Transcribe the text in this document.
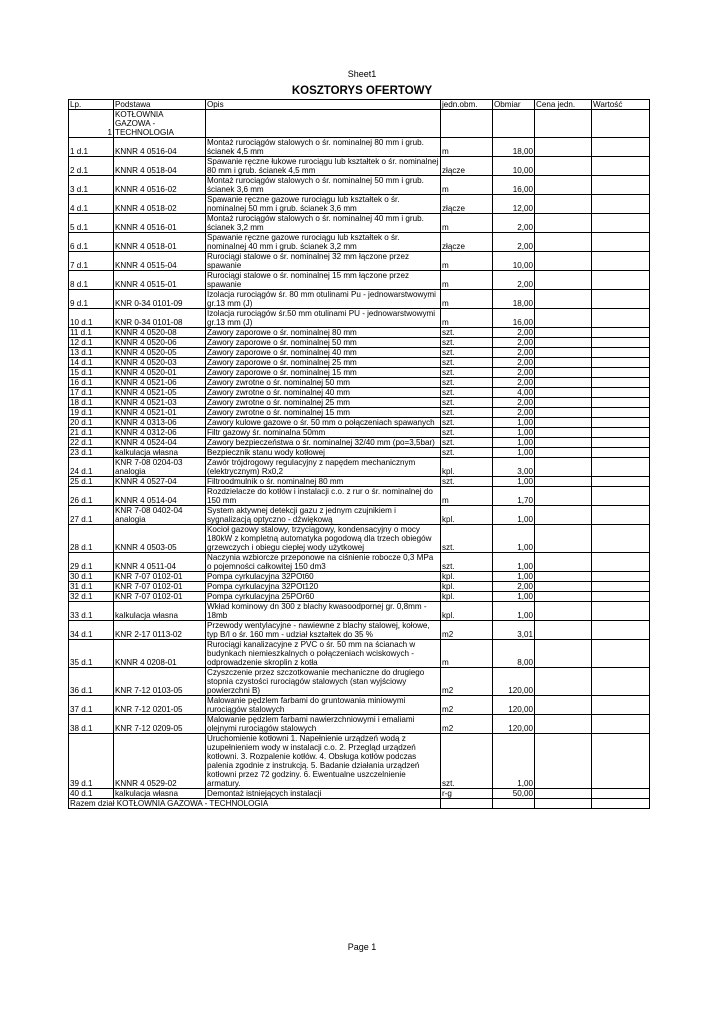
Sheet1
KOSZTORYS OFERTOWY
Lp.	Podstawa	Opis	jedn.obm.	Obmiar	Cena jedn.	Wartość
1	KOTŁOWNIA GAZOWA - TECHNOLOGIA					
1 d.1	KNNR 4 0516-04	Montaż rurociągów stalowych o śr. nominalnej 80 mm i grub. ścianek 4,5 mm	m	18,00		
2 d.1	KNNR 4 0518-04	Spawanie ręczne łukowe rurociągu lub kształtek o śr. nominalnej 80 mm i grub. ścianek 4,5 mm	złącze	10,00		
3 d.1	KNNR 4 0516-02	Montaż rurociągów stalowych o śr. nominalnej 50 mm i grub. ścianek 3,6 mm	m	16,00		
4 d.1	KNNR 4 0518-02	Spawanie ręczne gazowe rurociągu lub kształtek o śr. nominalnej 50 mm i grub. ścianek 3,6 mm	złącze	12,00		
5 d.1	KNNR 4 0516-01	Montaż rurociągów stalowych o śr. nominalnej 40 mm i grub. ścianek 3,2 mm	m	2,00		
6 d.1	KNNR 4 0518-01	Spawanie ręczne gazowe rurociągu lub kształtek o śr. nominalnej 40 mm i grub. ścianek 3,2 mm	złącze	2,00		
7 d.1	KNNR 4 0515-04	Rurociągi stalowe o śr. nominalnej 32 mm łączone przez spawanie	m	10,00		
8 d.1	KNNR 4 0515-01	Rurociągi stalowe o śr. nominalnej 15 mm łączone przez spawanie	m	2,00		
9 d.1	KNR 0-34 0101-09	Izolacja rurociągów śr. 80 mm otulinami Pu - jednowarstwowymi gr.13 mm (J)	m	18,00		
10 d.1	KNR 0-34 0101-08	Izolacja rurociągów śr.50 mm otulinami PU - jednowarstwowymi gr.13 mm (J)	m	16,00		
11 d.1	KNNR 4 0520-08	Zawory zaporowe o śr. nominalnej 80 mm	szt.	2,00		
12 d.1	KNNR 4 0520-06	Zawory zaporowe o śr. nominalnej 50 mm	szt.	2,00		
13 d.1	KNNR 4 0520-05	Zawory zaporowe o śr. nominalnej 40 mm	szt.	2,00		
14 d.1	KNNR 4 0520-03	Zawory zaporowe o śr. nominalnej 25 mm	szt.	2,00		
15 d.1	KNNR 4 0520-01	Zawory zaporowe o śr. nominalnej 15 mm	szt.	2,00		
16 d.1	KNNR 4 0521-06	Zawory zwrotne o śr. nominalnej 50 mm	szt.	2,00		
17 d.1	KNNR 4 0521-05	Zawory zwrotne o śr. nominalnej 40 mm	szt.	4,00		
18 d.1	KNNR 4 0521-03	Zawory zwrotne o śr. nominalnej 25 mm	szt.	2,00		
19 d.1	KNNR 4 0521-01	Zawory zwrotne o śr. nominalnej 15 mm	szt.	2,00		
20 d.1	KNNR 4 0313-06	Zawory kulowe gazowe o śr. 50 mm o połączeniach spawanych	szt.	1,00		
21 d.1	KNNR 4 0312-06	Filtr gazowy śr. nominalna 50mm	szt.	1,00		
22 d.1	KNNR 4 0524-04	Zawory bezpieczeństwa o śr. nominalnej 32/40 mm (po=3,5bar)	szt.	1,00		
23 d.1	kalkulacja własna	Bezpiecznik stanu wody kotłowej	szt.	1,00		
24 d.1	KNR 7-08 0204-03 analogia	Zawór trójdrogowy regulacyjny z napędem mechanicznym (elektrycznym) Rx0,2	kpl.	3,00		
25 d.1	KNNR 4 0527-04	Filtroodmulnik o śr. nominalnej 80 mm	szt.	1,00		
26 d.1	KNNR 4 0514-04	Rozdzielacze do kotłów i instalacji c.o. z rur o śr. nominalnej do 150 mm	m	1,70		
27 d.1	KNR 7-08 0402-04 analogia	System aktywnej detekcji gazu z jednym czujnikiem i sygnalizacją optyczno - dźwiękową	kpl.	1,00		
28 d.1	KNNR 4 0503-05	Kocioł gazowy stalowy, trzyciągowy, kondensacyjny o mocy 180kW z kompletną automatyka pogodową dla trzech obiegów grzewczych i obiegu ciepłej wody użytkowej	szt.	1,00		
29 d.1	KNNR 4 0511-04	Naczynia wzbiorcze przeponowe na ciśnienie robocze 0,3 MPa o pojemności całkowitej 150 dm3	szt.	1,00		
30 d.1	KNR 7-07 0102-01	Pompa cyrkulacyjna 32POt60	kpl.	1,00		
31 d.1	KNR 7-07 0102-01	Pompa cyrkulacyjna 32POt120	kpl.	2,00		
32 d.1	KNR 7-07 0102-01	Pompa cyrkulacyjna 25POr60	kpl.	1,00		
33 d.1	kalkulacja własna	Wkład kominowy dn 300 z blachy kwasoodpornej gr. 0,8mm - 18mb	kpl.	1,00		
34 d.1	KNR 2-17 0113-02	Przewody wentylacyjne - nawiewne z blachy stalowej, kołowe, typ B/I o śr. 160 mm - udział kształtek do 35 %	m2	3,01		
35 d.1	KNNR 4 0208-01	Rurociągi kanalizacyjne z PVC o śr. 50 mm na ścianach w budynkach niemieszkalnych o połączeniach wciskowych - odprowadzenie skroplin z kotła	m	8,00		
36 d.1	KNR 7-12 0103-05	Czyszczenie przez szczotkowanie mechaniczne do drugiego stopnia czystości rurociągów stalowych (stan wyjściowy powierzchni B)	m2	120,00		
37 d.1	KNR 7-12 0201-05	Malowanie pędzlem farbami do gruntowania miniowymi rurociągów stalowych	m2	120,00		
38 d.1	KNR 7-12 0209-05	Malowanie pędzlem farbami nawierzchniowymi i emaliami olejnymi rurociągów stalowych	m2	120,00		
39 d.1	KNNR 4 0529-02	Uruchomienie kotłowni 1. Napełnienie urządzeń wodą z uzupełnieniem wody w instalacji c.o. 2. Przegląd urządzeń kotłowni. 3. Rozpalenie kotłów. 4. Obsługa kotłów podczas palenia zgodnie z instrukcją. 5. Badanie działania urządzeń kotłowni przez 72 godziny. 6. Ewentualne uszczelnienie armatury.	szt.	1,00		
40 d.1	kalkulacja własna	Demontaż istniejących instalacji	r-g	50,00		
Razem dział KOTŁOWNIA GAZOWA - TECHNOLOGIA						
Page 1
